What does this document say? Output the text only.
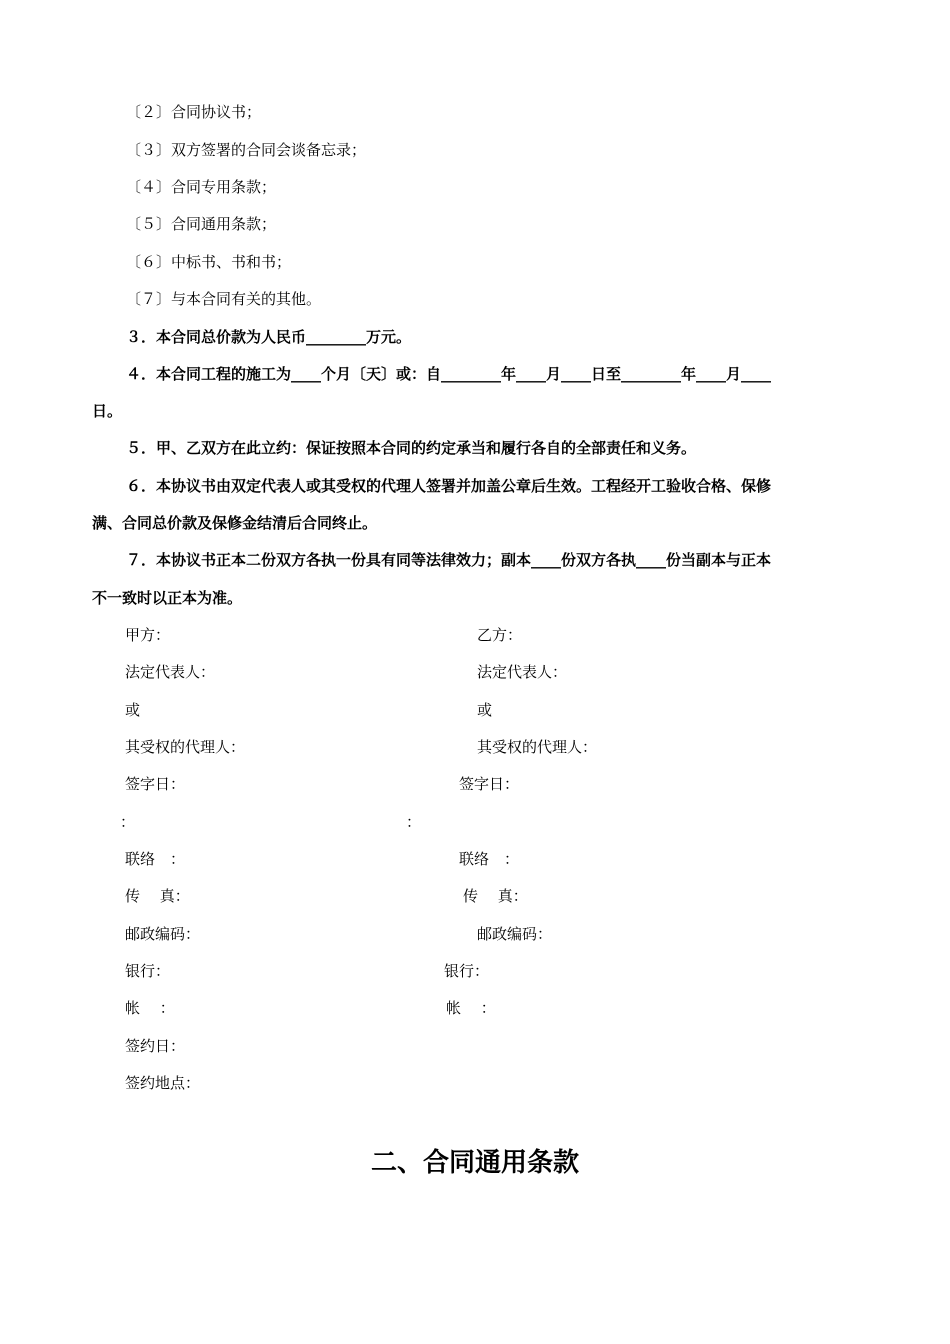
〔２〕合同协议书；
〔３〕双方签署的合同会谈备忘录；
〔４〕合同专用条款；
〔５〕合同通用条款；
〔６〕中标书、书和书；
〔７〕与本合同有关的其他。
３．本合同总价款为人民币________万元。
４．本合同工程的施工为____个月〔天〕或：自________年____月____日至________年____月____
日。
５．甲、乙双方在此立约：保证按照本合同的约定承当和履行各自的全部责任和义务。
６．本协议书由双定代表人或其受权的代理人签署并加盖公章后生效。工程经开工验收合格、保修
满、合同总价款及保修金结清后合同终止。
７．本协议书正本二份双方各执一份具有同等法律效力；副本____份双方各执____份当副本与正本
不一致时以正本为准。
甲方：
法定代表人：
或
其受权的代理人：
签字日：
：
联络　：
传　 真：
邮政编码：
银行：
帐　 ：
乙方：
法定代表人：
或
其受权的代理人：
签字日：
：
联络　：
传　 真：
邮政编码：
银行：
帐　 ：
签约日：
签约地点：
二、合同通用条款
